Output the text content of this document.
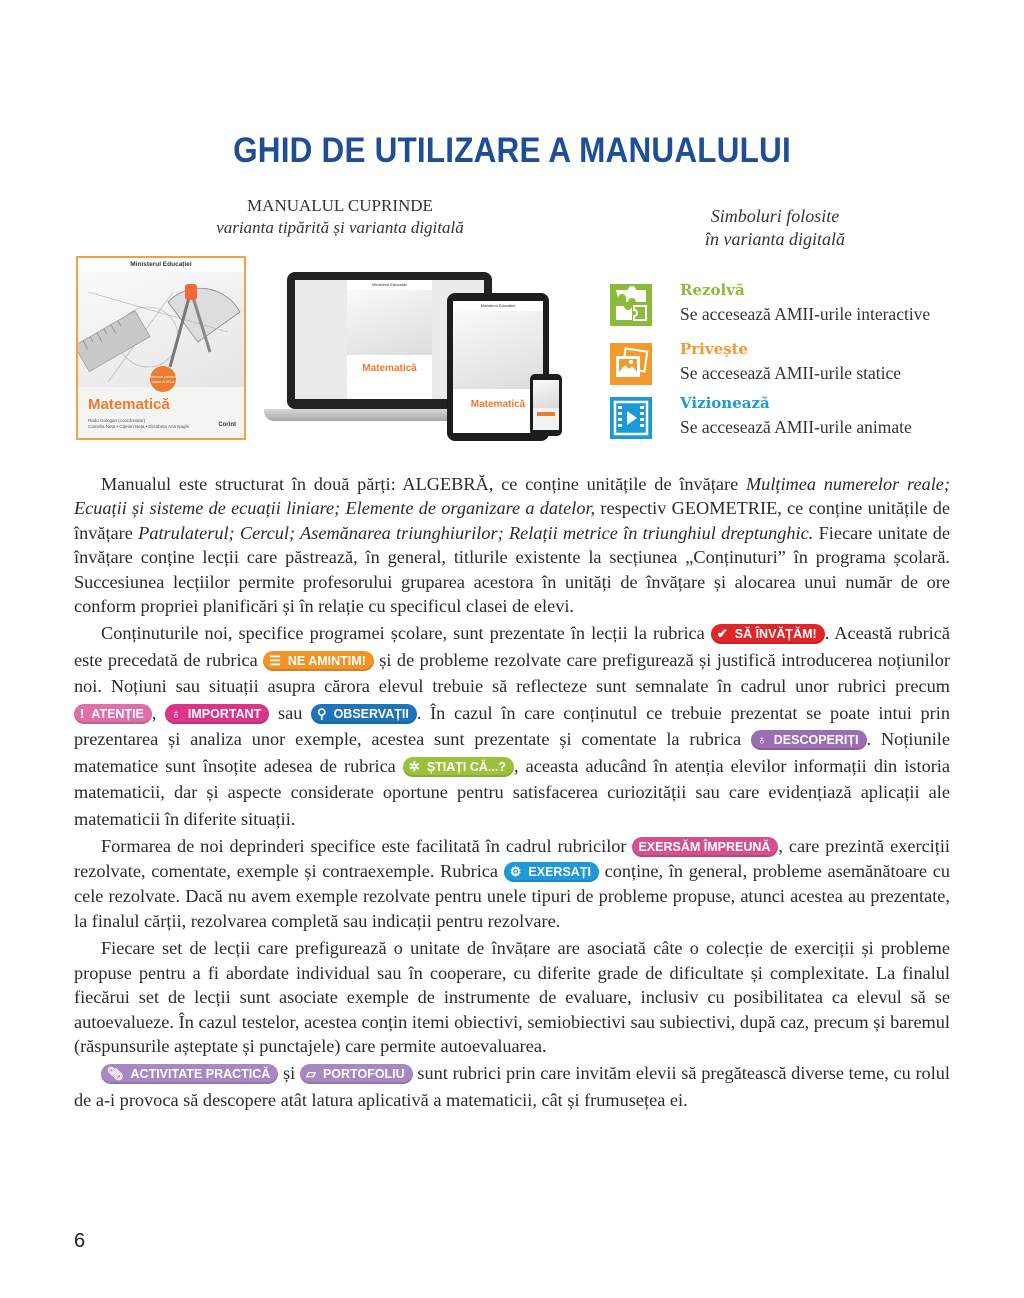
GHID DE UTILIZARE A MANUALULUI
MANUALUL CUPRINDE
varianta tipărită și varianta digitală
Simboluri folosite
în varianta digitală
Ministerul Educației
Manual pentru clasa a VII-a
Matematică
Radu Gologan (coordonator)
Camelia Neța • Ciprian Neța • Elisabeta Ana Naghi	Corint
Ministerul Educației
Matematică
Ministerul Educației
Matematică
Rezolvă
Se accesează AMII-urile interactive
Privește
Se accesează AMII-urile statice
Vizionează
Se accesează AMII-urile animate

Manualul este structurat în două părți: ALGEBRĂ, ce conține unitățile de învățare Mulțimea numerelor reale; Ecuații și sisteme de ecuații liniare; Elemente de organizare a datelor, respectiv GEOMETRIE, ce conține unitățile de învățare Patrulaterul; Cercul; Asemănarea triunghiurilor; Relații metrice în triunghiul dreptunghic. Fiecare unitate de învățare conține lecții care păstrează, în general, titlurile existente la secțiunea „Conținuturi” în programa școlară. Succesiunea lecțiilor permite profesorului gruparea acestora în unități de învățare și alocarea unui număr de ore conform propriei planificări și în relație cu specificul clasei de elevi.

Conținuturile noi, specifice programei școlare, sunt prezentate în lecții la rubrica ✔ SĂ ÎNVĂȚĂM! . Această rubrică este precedată de rubrica ☰ NE AMINTIM! și de probleme rezolvate care prefigurează și justifică introducerea noțiunilor noi. Noțiuni sau situații asupra cărora elevul trebuie să reflecteze sunt semnalate în cadrul unor rubrici precum ! ATENȚIE , ♁ IMPORTANT sau ⚲ OBSERVAȚII . În cazul în care conținutul ce trebuie prezentat se poate intui prin prezentarea și analiza unor exemple, acestea sunt prezentate și comentate la rubrica ♁ DESCOPERIȚI . Noțiunile matematice sunt însoțite adesea de rubrica ✲ ȘTIAȚI CĂ...? , aceasta aducând în atenția elevilor informații din istoria matematicii, dar și aspecte considerate oportune pentru satisfacerea curiozității sau care evidențiază aplicații ale matematicii în diferite situații.

Formarea de noi deprinderi specifice este facilitată în cadrul rubricilor EXERSĂM ÎMPREUNĂ , care prezintă exerciții rezolvate, comentate, exemple și contraexemple. Rubrica ⚙ EXERSAȚI conține, în general, probleme asemănătoare cu cele rezolvate. Dacă nu avem exemple rezolvate pentru unele tipuri de probleme propuse, atunci acestea au prezentate, la finalul cărții, rezolvarea completă sau indicații pentru rezolvare.

Fiecare set de lecții care prefigurează o unitate de învățare are asociată câte o colecție de exerciții și probleme propuse pentru a fi abordate individual sau în cooperare, cu diferite grade de dificultate și complexitate. La finalul fiecărui set de lecții sunt asociate exemple de instrumente de evaluare, inclusiv cu posibilitatea ca elevul să se autoevalueze. În cazul testelor, acestea conțin itemi obiectivi, semiobiectivi sau subiectivi, după caz, precum și baremul (răspunsurile așteptate și punctajele) care permite autoevaluarea.

📎︎ ACTIVITATE PRACTICĂ și ▱ PORTOFOLIU sunt rubrici prin care invităm elevii să pregătească diverse teme, cu rolul de a-i provoca să descopere atât latura aplicativă a matematicii, cât și frumusețea ei.

6
